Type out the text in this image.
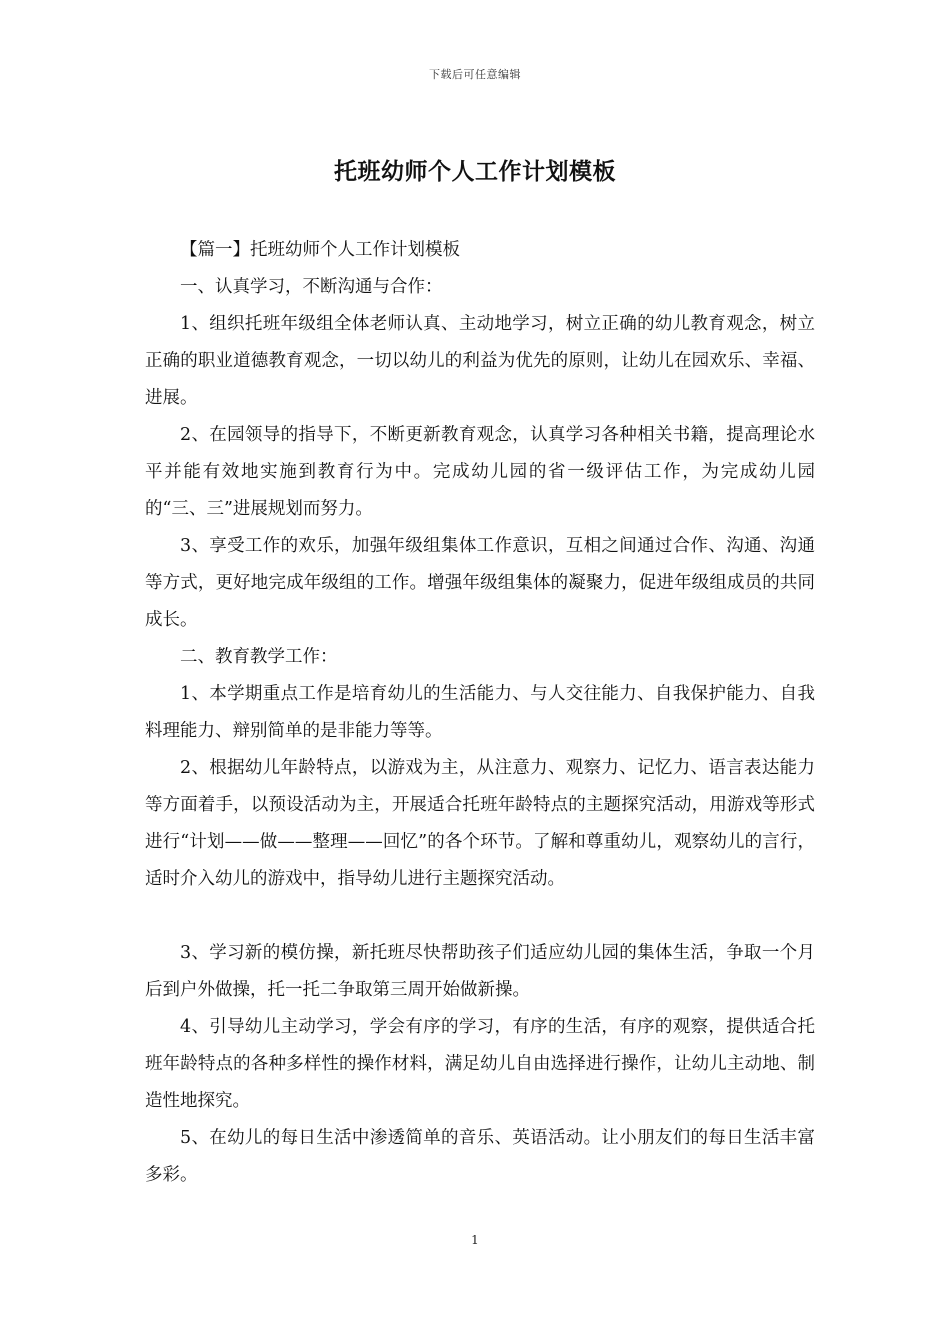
下载后可任意编辑
托班幼师个人工作计划模板

【篇一】托班幼师个人工作计划模板

一、认真学习，不断沟通与合作：

1、组织托班年级组全体老师认真、主动地学习，树立正确的幼儿教育观念，树立正确的职业道德教育观念，一切以幼儿的利益为优先的原则，让幼儿在园欢乐、幸福、进展。

2、在园领导的指导下，不断更新教育观念，认真学习各种相关书籍，提高理论水平并能有效地实施到教育行为中。完成幼儿园的省一级评估工作，为完成幼儿园的“三、三”进展规划而努力。

3、享受工作的欢乐，加强年级组集体工作意识，互相之间通过合作、沟通、沟通等方式，更好地完成年级组的工作。增强年级组集体的凝聚力，促进年级组成员的共同成长。

二、教育教学工作：

1、本学期重点工作是培育幼儿的生活能力、与人交往能力、自我保护能力、自我料理能力、辩别简单的是非能力等等。

2、根据幼儿年龄特点，以游戏为主，从注意力、观察力、记忆力、语言表达能力等方面着手，以预设活动为主，开展适合托班年龄特点的主题探究活动，用游戏等形式进行“计划——做——整理——回忆”的各个环节。了解和尊重幼儿，观察幼儿的言行，适时介入幼儿的游戏中，指导幼儿进行主题探究活动。

3、学习新的模仿操，新托班尽快帮助孩子们适应幼儿园的集体生活，争取一个月后到户外做操，托一托二争取第三周开始做新操。

4、引导幼儿主动学习，学会有序的学习，有序的生活，有序的观察，提供适合托班年龄特点的各种多样性的操作材料，满足幼儿自由选择进行操作，让幼儿主动地、制造性地探究。

5、在幼儿的每日生活中渗透简单的音乐、英语活动。让小朋友们的每日生活丰富多彩。

1
